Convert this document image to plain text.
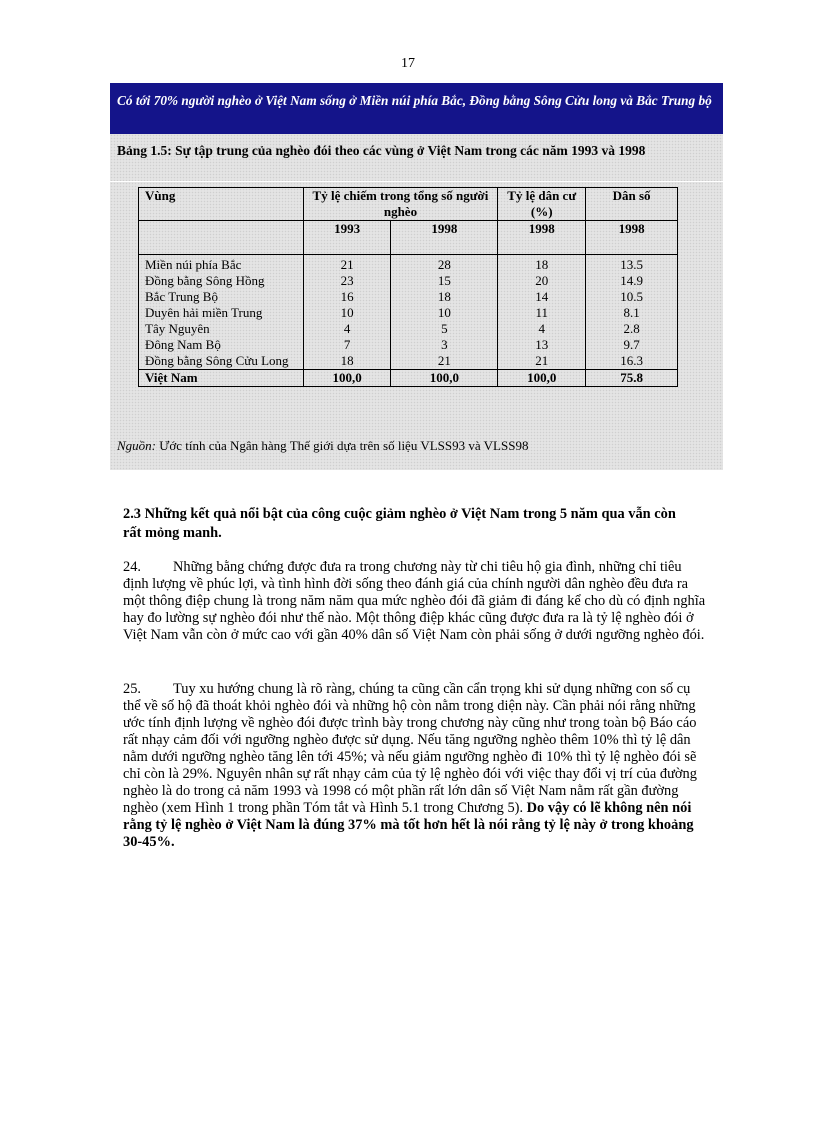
17
Có tới 70% người nghèo ở Việt Nam sống ở Miền núi phía Bắc, Đồng bằng Sông Cửu long và Bắc Trung bộ
Bảng 1.5: Sự tập trung của nghèo đói theo các vùng ở Việt Nam trong các năm 1993 và 1998
Vùng	Tỷ lệ chiếm trong tổng số người nghèo		Tỷ lệ dân cư (%)	Dân số
	1993	1998	1998	1998
Miền núi phía Bắc	21	28	18	13.5
Đồng bằng Sông Hồng	23	15	20	14.9
Bắc Trung Bộ	16	18	14	10.5
Duyên hải miền Trung	10	10	11	8.1
Tây Nguyên	4	5	4	2.8
Đông Nam Bộ	7	3	13	9.7
Đồng bằng Sông Cửu Long	18	21	21	16.3
Việt Nam	100,0	100,0	100,0	75.8
Nguồn: Ước tính của Ngân hàng Thế giới dựa trên số liệu VLSS93 và VLSS98
2.3 Những kết quả nổi bật của công cuộc giảm nghèo ở Việt Nam trong 5 năm qua vẫn còn rất mỏng manh.
24. Những bằng chứng được đưa ra trong chương này từ chi tiêu hộ gia đình, những chỉ tiêu định lượng về phúc lợi, và tình hình đời sống theo đánh giá của chính người dân nghèo đều đưa ra một thông điệp chung là trong năm năm qua mức nghèo đói đã giảm đi đáng kể cho dù có định nghĩa hay đo lường sự nghèo đói như thế nào. Một thông điệp khác cũng được đưa ra là tỷ lệ nghèo đói ở Việt Nam vẫn còn ở mức cao với gần 40% dân số Việt Nam còn phải sống ở dưới ngưỡng nghèo đói.
25. Tuy xu hướng chung là rõ ràng, chúng ta cũng cần cẩn trọng khi sử dụng những con số cụ thể về số hộ đã thoát khỏi nghèo đói và những hộ còn nằm trong diện này. Cần phải nói rằng những ước tính định lượng về nghèo đói được trình bày trong chương này cũng như trong toàn bộ Báo cáo rất nhạy cảm đối với ngưỡng nghèo được sử dụng. Nếu tăng ngưỡng nghèo thêm 10% thì tỷ lệ dân nằm dưới ngưỡng nghèo tăng lên tới 45%; và nếu giảm ngưỡng nghèo đi 10% thì tỷ lệ nghèo đói sẽ chỉ còn là 29%. Nguyên nhân sự rất nhạy cảm của tỷ lệ nghèo đói với việc thay đổi vị trí của đường nghèo là do trong cả năm 1993 và 1998 có một phần rất lớn dân số Việt Nam nằm rất gần đường nghèo (xem Hình 1 trong phần Tóm tắt và Hình 5.1 trong Chương 5). Do vậy có lẽ không nên nói rằng tỷ lệ nghèo ở Việt Nam là đúng 37% mà tốt hơn hết là nói rằng tỷ lệ này ở trong khoảng 30-45%.
